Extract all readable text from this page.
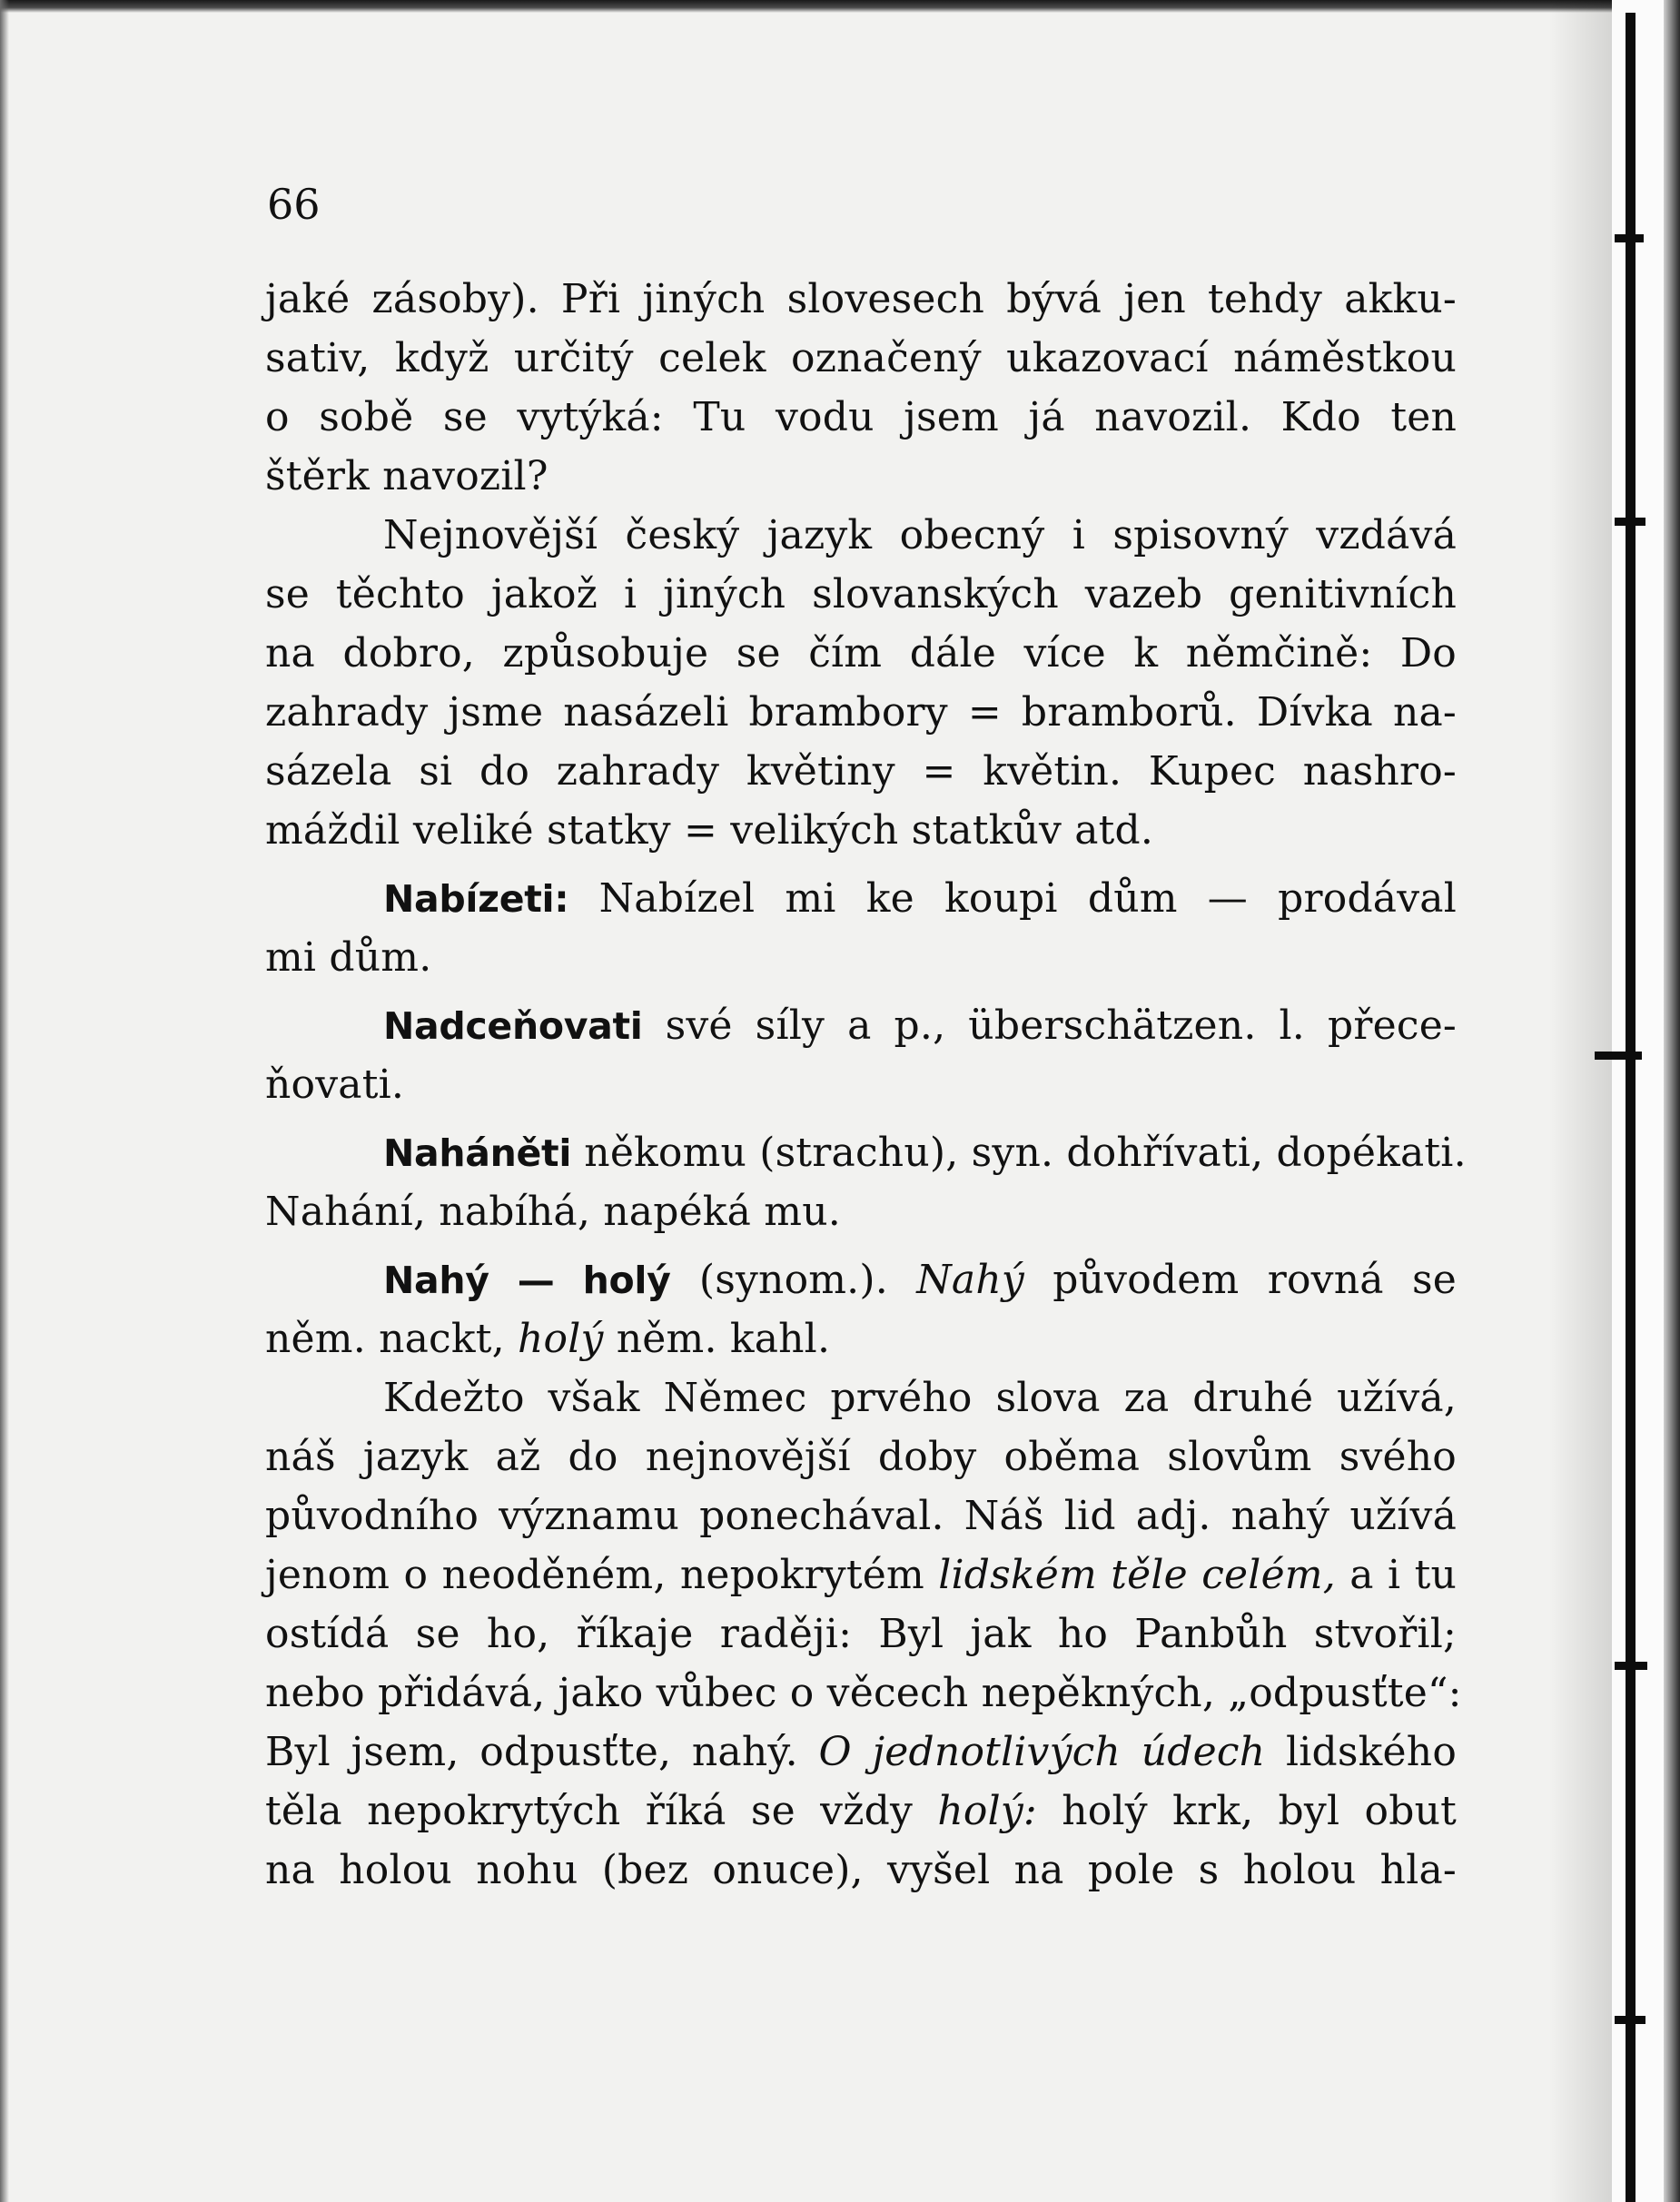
66

jaké zásoby). Při jiných slovesech bývá jen tehdy akku-
sativ, když určitý celek označený ukazovací náměstkou
o sobě se vytýká: Tu vodu jsem já navozil. Kdo ten
štěrk navozil?
Nejnovější český jazyk obecný i spisovný vzdává
se těchto jakož i jiných slovanských vazeb genitivních
na dobro, způsobuje se čím dále více k němčině: Do
zahrady jsme nasázeli brambory = bramborů. Dívka na-
sázela si do zahrady květiny = květin. Kupec nashro-
máždil veliké statky = velikých statkův atd.
Nabízeti: Nabízel mi ke koupi dům — prodával
mi dům.
Nadceňovati své síly a p., überschätzen. l. přece-
ňovati.
Naháněti někomu (strachu), syn. dohřívati, dopékati.
Nahání, nabíhá, napéká mu.
Nahý — holý (synom.). Nahý původem rovná se
něm. nackt, holý něm. kahl.
Kdežto však Němec prvého slova za druhé užívá,
náš jazyk až do nejnovější doby oběma slovům svého
původního významu ponechával. Náš lid adj. nahý užívá
jenom o neoděném, nepokrytém lidském těle celém, a i tu
ostídá se ho, říkaje raději: Byl jak ho Panbůh stvořil;
nebo přidává, jako vůbec o věcech nepěkných, „odpusťte“:
Byl jsem, odpusťte, nahý. O jednotlivých údech lidského
těla nepokrytých říká se vždy holý: holý krk, byl obut
na holou nohu (bez onuce), vyšel na pole s holou hla-
